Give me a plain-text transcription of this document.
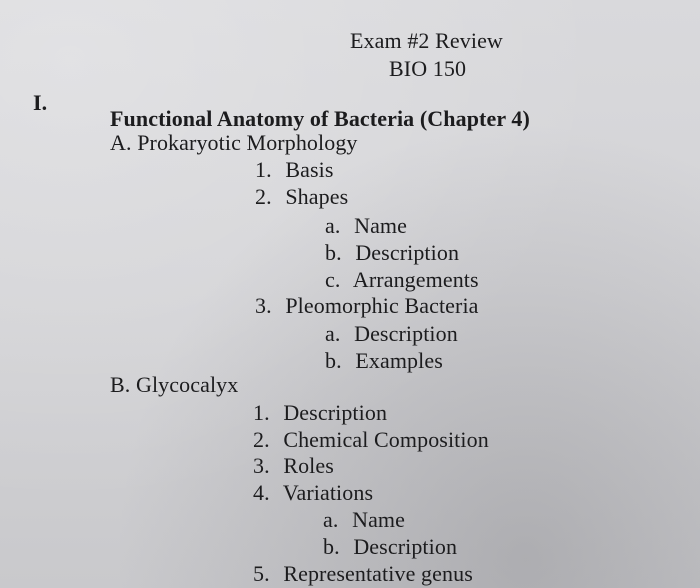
Exam #2 Review
BIO 150
I.
Functional Anatomy of Bacteria (Chapter 4)
A. Prokaryotic Morphology
1. Basis
2. Shapes
a. Name
b. Description
c. Arrangements
3. Pleomorphic Bacteria
a. Description
b. Examples
B. Glycocalyx
1. Description
2. Chemical Composition
3. Roles
4. Variations
a. Name
b. Description
5. Representative genus
